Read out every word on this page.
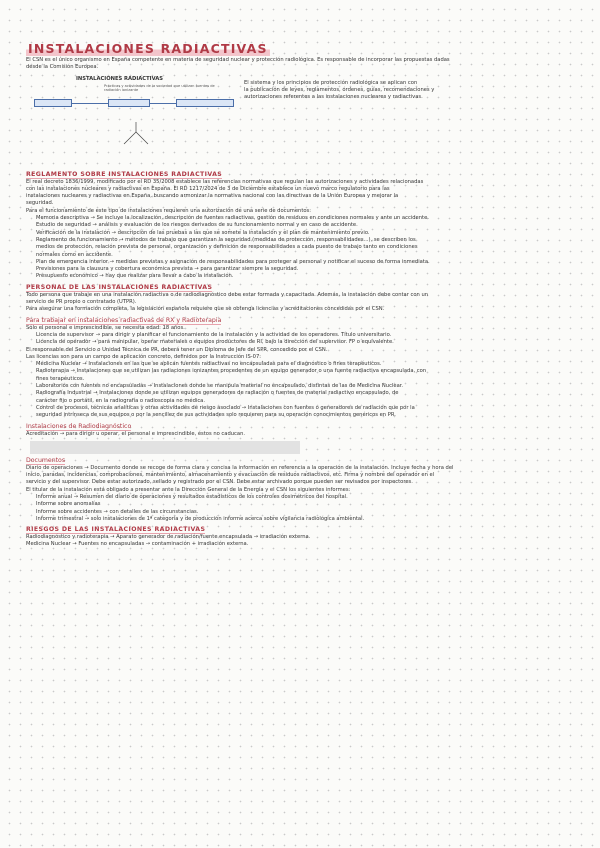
INSTALACIONES RADIACTIVAS
El CSN es el único organismo en España competente en materia de seguridad nuclear y protección radiológica. Es responsable de incorporar las propuestas dadas
desde la Comisión Europea.
INSTALACIONES RADIACTIVAS
Prácticas y actividades de la sociedad que utilizan fuentes de radiación ionizante
El sistema y los principios de protección radiológica se aplican con
la publicación de leyes, reglamentos, órdenes, guías, recomendaciones y
autorizaciones referentes a las instalaciones nucleares y radiactivas.
REGLAMENTO SOBRE INSTALACIONES RADIACTIVAS
El real decreto 1836/1999, modificado por el RD 35/2008 establece las referencias normativas que regulan las autorizaciones y actividades relacionadas
con las instalaciones nucleares y radiactivas en España. El RD 1217/2024 de 3 de Diciembre establece un nuevo marco regulatorio para las
instalaciones nucleares y radiactivas en España, buscando armonizar la normativa nacional con las directivas de la Unión Europea y mejorar la
seguridad.
Para el funcionamiento de este tipo de instalaciones requieren una autorización de una serie de documentos:
Memoria descriptiva → Se incluye la localización, descripción de fuentes radiactivas, gestión de residuos en condiciones normales y ante un accidente.
Estudio de seguridad → análisis y evaluación de los riesgos derivados de su funcionamiento normal y en caso de accidente.
Verificación de la instalación → descripción de las pruebas a las que se somete la instalación y el plan de mantenimiento previo.
Reglamento de funcionamiento → métodos de trabajo que garantizan la seguridad (medidas de protección, responsabilidades...), se describen los
medios de protección, relación prevista de personal, organización y definición de responsabilidades a cada puesto de trabajo tanto en condiciones
normales como en accidente.
Plan de emergencia interior → medidas previstas y asignación de responsabilidades para proteger al personal y notificar el suceso de forma inmediata.
Previsiones para la clausura y cobertura económica prevista → para garantizar siempre la seguridad.
Presupuesto económico → hay que realizar para llevar a cabo la instalación.
PERSONAL DE LAS INSTALACIONES RADIACTIVAS
Todo persona que trabaje en una instalación radiactiva o de radiodiagnóstico debe estar formada y capacitada. Además, la instalación debe contar con un
servicio de PR propio o contratado (UTPR).
Para asegurar una formación completa, la legislación española requiere que se obtenga licencias y acreditaciones concedidas por el CSN.
Para trabajar en instalaciones radiactivas de RX y Radioterapia
Sólo el personal e imprescindible, se necesita edad: 18 años.
Licencia de supervisor → para dirigir y planificar el funcionamiento de la instalación y la actividad de los operadores. Título universitario.
Licencia de operador → para manipular, operar materiales o equipos productores de RI, bajo la dirección del supervisor. FP o equivalente.
El responsable del Servicio o Unidad Técnica de PR, deberá tener un Diploma de Jefe del SPR, concedido por el CSN.
Las licencias son para un campo de aplicación concreto, definidos por la Instrucción IS-07:
Medicina Nuclear → Instalaciones en las que se aplican fuentes radiactivas no encapsuladas para el diagnóstico o fines terapéuticos.
Radioterapia → Instalaciones que se utilizan las radiaciones ionizantes procedentes de un equipo generador o una fuente radiactiva encapsulada, con
fines terapéuticos.
Laboratorios con fuentes no encapsuladas → Instalaciones donde se manipula material no encapsulado, distintas de las de Medicina Nuclear.
Radiografía Industrial → Instalaciones donde se utilizan equipos generadores de radiación o fuentes de material radiactivo encapsulado, de
carácter fijo o portátil, en la radiografía o radioscopia no médica.
Control de procesos, técnicas analíticas y otras actividades de riesgo asociado → Instalaciones con fuentes o generadores de radiación que por la
seguridad intrínseca de sus equipos o por la sencillez de sus actividades solo requieren para su operación conocimientos genéricos en PR.
Instalaciones de Radiodiagnóstico
Acreditación → para dirigir u operar, el personal e imprescindible, éstos no caducan.

Documentos
Diario de operaciones → Documento donde se recoge de forma clara y concisa la información en referencia a la operación de la instalación. Incluye fecha y hora del
inicio, paradas, incidencias, comprobaciones, mantenimiento, almacenamiento y evacuación de residuos radiactivos, etc. Firma y nombre del operador en el
servicio y del supervisor. Debe estar autorizado, sellado y registrado por el CSN. Debe estar archivado porque pueden ser revisados por inspectores.
El titular de la instalación está obligado a presentar ante la Dirección General de la Energía y el CSN los siguientes informes:
Informe anual → Resumen del diario de operaciones y resultados estadísticos de los controles dosimétricos del hospital.
Informe sobre anomalías
Informe sobre accidentes → con detalles de las circunstancias.
Informe trimestral → solo instalaciones de 1ª categoría y de producción informe acerca sobre vigilancia radiológica ambiental.
RIESGOS DE LAS INSTALACIONES RADIACTIVAS
Radiodiagnóstico y radioterapia → Aparato generador de radiación/fuente encapsulada → irradiación externa.
Medicina Nuclear → Fuentes no encapsuladas → contaminación + irradiación externa.
